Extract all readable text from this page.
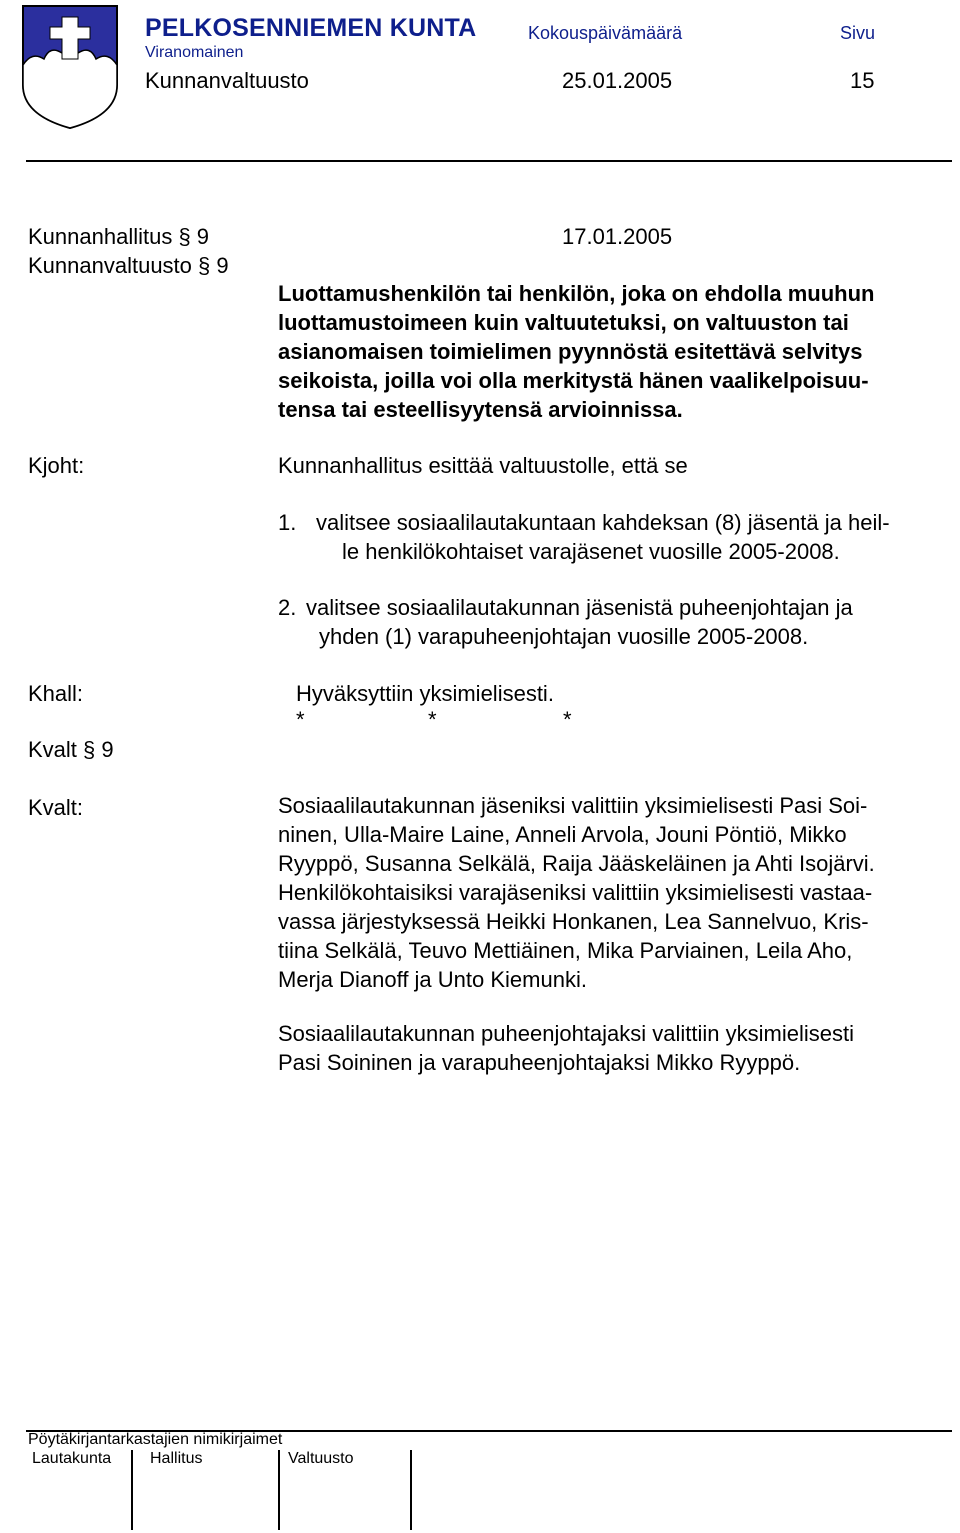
PELKOSENNIEMEN KUNTA
Viranomainen
Kokouspäivämäärä	Sivu
Kunnanvaltuusto	25.01.2005	15
Kunnanhallitus § 9	17.01.2005
Kunnanvaltuusto § 9
Luottamushenkilön tai henkilön, joka on ehdolla muuhun
luottamustoimeen kuin valtuutetuksi, on valtuuston tai
asianomaisen toimielimen pyynnöstä esitettävä selvitys
seikoista, joilla voi olla merkitystä hänen vaalikelpoisuu-
tensa tai esteellisyytensä arvioinnissa.
Kjoht:	Kunnanhallitus esittää valtuustolle, että se
1. valitsee sosiaalilautakuntaan kahdeksan (8) jäsentä ja heil-
le henkilökohtaiset varajäsenet vuosille 2005-2008.
2. valitsee sosiaalilautakunnan jäsenistä puheenjohtajan ja
yhden (1) varapuheenjohtajan vuosille 2005-2008.
Khall:	Hyväksyttiin yksimielisesti.
*	*	*
Kvalt § 9
Kvalt:	Sosiaalilautakunnan jäseniksi valittiin yksimielisesti Pasi Soi-
ninen, Ulla-Maire Laine, Anneli Arvola, Jouni Pöntiö, Mikko
Ryyppö, Susanna Selkälä, Raija Jääskeläinen ja Ahti Isojärvi.
Henkilökohtaisiksi varajäseniksi valittiin yksimielisesti vastaa-
vassa järjestyksessä Heikki Honkanen, Lea Sannelvuo, Kris-
tiina Selkälä, Teuvo Mettiäinen, Mika Parviainen, Leila Aho,
Merja Dianoff ja Unto Kiemunki.
Sosiaalilautakunnan puheenjohtajaksi valittiin yksimielisesti
Pasi Soininen ja varapuheenjohtajaksi Mikko Ryyppö.
Pöytäkirjantarkastajien nimikirjaimet
Lautakunta Hallitus	Valtuusto
